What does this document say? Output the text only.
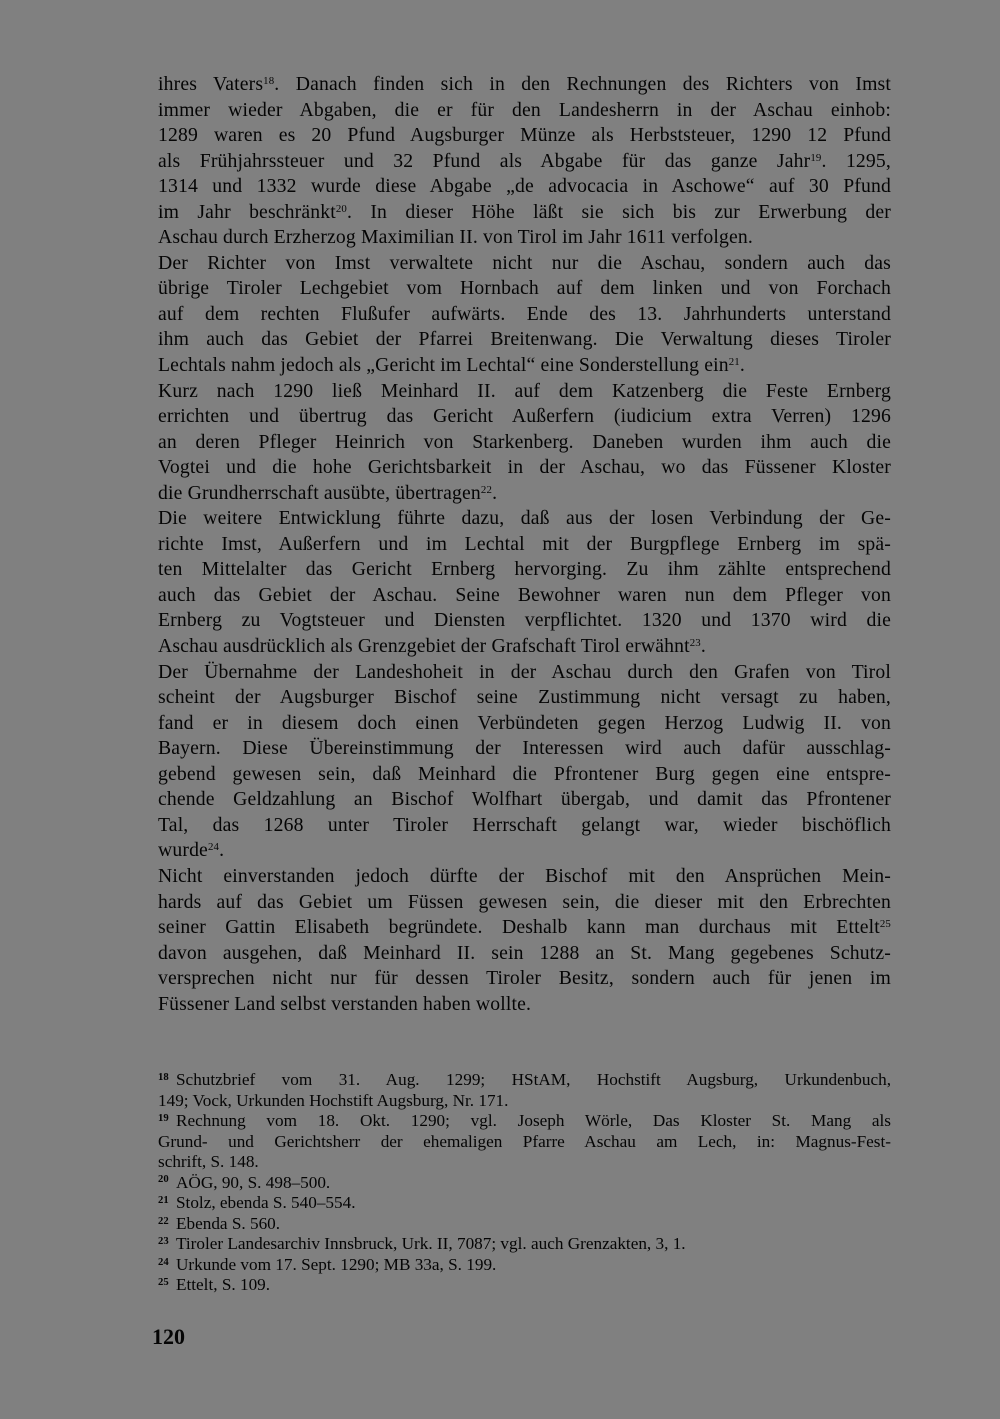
ihres Vaters$^{18}$. Danach finden sich in den Rechnungen des Richters von Imst
immer wieder Abgaben, die er für den Landesherrn in der Aschau einhob:
1289 waren es 20 Pfund Augsburger Münze als Herbststeuer, 1290 12 Pfund
als Frühjahrssteuer und 32 Pfund als Abgabe für das ganze Jahr$^{19}$. 1295,
1314 und 1332 wurde diese Abgabe „de advocacia in Aschowe“ auf 30 Pfund
im Jahr beschränkt$^{20}$. In dieser Höhe läßt sie sich bis zur Erwerbung der
Aschau durch Erzherzog Maximilian II. von Tirol im Jahr 1611 verfolgen.
Der Richter von Imst verwaltete nicht nur die Aschau, sondern auch das
übrige Tiroler Lechgebiet vom Hornbach auf dem linken und von Forchach
auf dem rechten Flußufer aufwärts. Ende des 13. Jahrhunderts unterstand
ihm auch das Gebiet der Pfarrei Breitenwang. Die Verwaltung dieses Tiroler
Lechtals nahm jedoch als „Gericht im Lechtal“ eine Sonderstellung ein$^{21}$.
Kurz nach 1290 ließ Meinhard II. auf dem Katzenberg die Feste Ernberg
errichten und übertrug das Gericht Außerfern (iudicium extra Verren) 1296
an deren Pfleger Heinrich von Starkenberg. Daneben wurden ihm auch die
Vogtei und die hohe Gerichtsbarkeit in der Aschau, wo das Füssener Kloster
die Grundherrschaft ausübte, übertragen$^{22}$.
Die weitere Entwicklung führte dazu, daß aus der losen Verbindung der Ge-
richte Imst, Außerfern und im Lechtal mit der Burgpflege Ernberg im spä-
ten Mittelalter das Gericht Ernberg hervorging. Zu ihm zählte entsprechend
auch das Gebiet der Aschau. Seine Bewohner waren nun dem Pfleger von
Ernberg zu Vogtsteuer und Diensten verpflichtet. 1320 und 1370 wird die
Aschau ausdrücklich als Grenzgebiet der Grafschaft Tirol erwähnt$^{23}$.
Der Übernahme der Landeshoheit in der Aschau durch den Grafen von Tirol
scheint der Augsburger Bischof seine Zustimmung nicht versagt zu haben,
fand er in diesem doch einen Verbündeten gegen Herzog Ludwig II. von
Bayern. Diese Übereinstimmung der Interessen wird auch dafür ausschlag-
gebend gewesen sein, daß Meinhard die Pfrontener Burg gegen eine entspre-
chende Geldzahlung an Bischof Wolfhart übergab, und damit das Pfrontener
Tal, das 1268 unter Tiroler Herrschaft gelangt war, wieder bischöflich
wurde$^{24}$.
Nicht einverstanden jedoch dürfte der Bischof mit den Ansprüchen Mein-
hards auf das Gebiet um Füssen gewesen sein, die dieser mit den Erbrechten
seiner Gattin Elisabeth begründete. Deshalb kann man durchaus mit Ettelt$^{25}$
davon ausgehen, daß Meinhard II. sein 1288 an St. Mang gegebenes Schutz-
versprechen nicht nur für dessen Tiroler Besitz, sondern auch für jenen im
Füssener Land selbst verstanden haben wollte.
18 Schutzbrief vom 31. Aug. 1299; HStAM, Hochstift Augsburg, Urkundenbuch,
149; Vock, Urkunden Hochstift Augsburg, Nr. 171.
19 Rechnung vom 18. Okt. 1290; vgl. Joseph Wörle, Das Kloster St. Mang als
Grund- und Gerichtsherr der ehemaligen Pfarre Aschau am Lech, in: Magnus-Fest-
schrift, S. 148.
20 AÖG, 90, S. 498–500.
21 Stolz, ebenda S. 540–554.
22 Ebenda S. 560.
23 Tiroler Landesarchiv Innsbruck, Urk. II, 7087; vgl. auch Grenzakten, 3, 1.
24 Urkunde vom 17. Sept. 1290; MB 33a, S. 199.
25 Ettelt, S. 109.
120
